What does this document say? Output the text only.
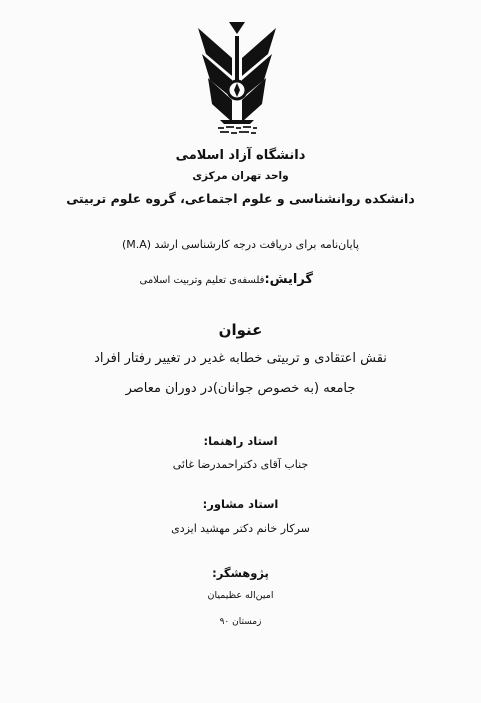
دانشگاه آزاد اسلامی
واحد تهران مرکزی
دانشکده روانشناسی و علوم اجتماعی، گروه علوم تربیتی
پایان‌نامه برای دریافت درجه کارشناسی ارشد (M.A)
گرایش:فلسفه‌ی تعلیم وتربیت اسلامی
عنوان
نقش اعتقادی و تربیتی خطابه غدیر در تغییر رفتار افراد
جامعه (به خصوص جوانان)در دوران معاصر
استاد راهنما:
جناب آقای دکتراحمدرضا غائی
استاد مشاور:
سرکار خانم دکتر مهشید ایزدی
پژوهشگر:
امین‌اله عظیمیان
زمستان ۹۰
